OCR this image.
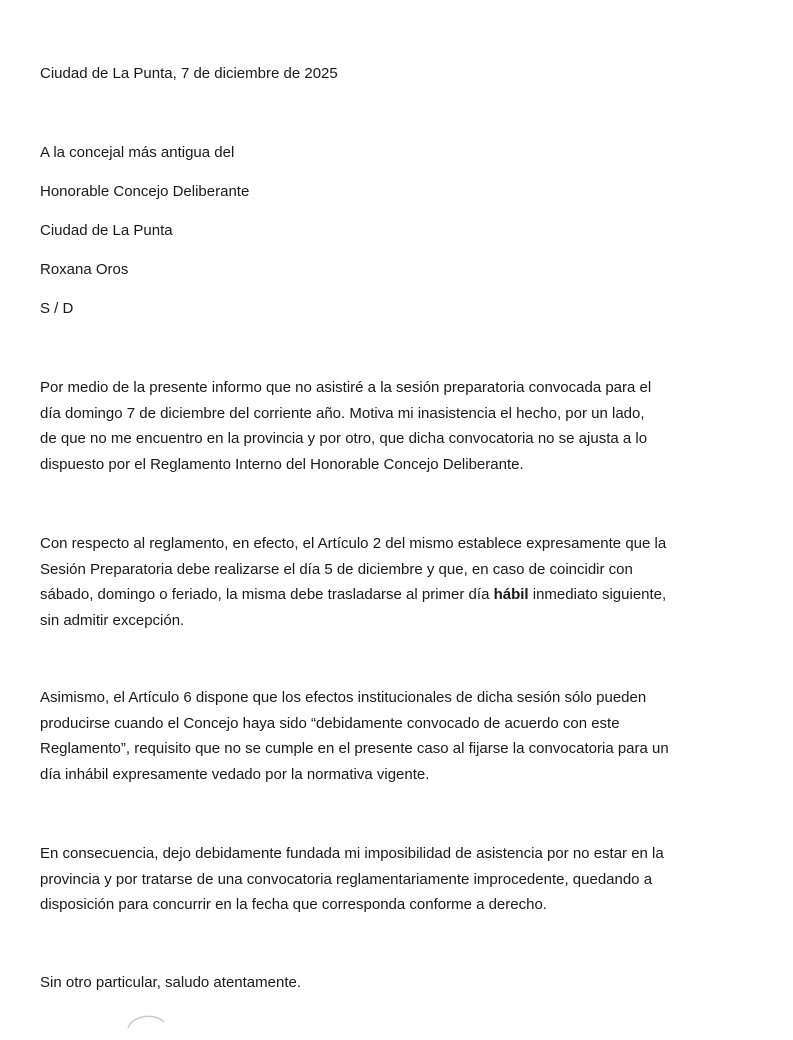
Ciudad de La Punta, 7 de diciembre de 2025

A la concejal más antigua del

Honorable Concejo Deliberante

Ciudad de La Punta

Roxana Oros

S / D

Por medio de la presente informo que no asistiré a la sesión preparatoria convocada para el
día domingo 7 de diciembre del corriente año. Motiva mi inasistencia el hecho, por un lado,
de que no me encuentro en la provincia y por otro, que dicha convocatoria no se ajusta a lo
dispuesto por el Reglamento Interno del Honorable Concejo Deliberante.
Con respecto al reglamento, en efecto, el Artículo 2 del mismo establece expresamente que la
Sesión Preparatoria debe realizarse el día 5 de diciembre y que, en caso de coincidir con
sábado, domingo o feriado, la misma debe trasladarse al primer día hábil inmediato siguiente,
sin admitir excepción.
Asimismo, el Artículo 6 dispone que los efectos institucionales de dicha sesión sólo pueden
producirse cuando el Concejo haya sido “debidamente convocado de acuerdo con este
Reglamento”, requisito que no se cumple en el presente caso al fijarse la convocatoria para un
día inhábil expresamente vedado por la normativa vigente.
En consecuencia, dejo debidamente fundada mi imposibilidad de asistencia por no estar en la
provincia y por tratarse de una convocatoria reglamentariamente improcedente, quedando a
disposición para concurrir en la fecha que corresponda conforme a derecho.

Sin otro particular, saludo atentamente.
